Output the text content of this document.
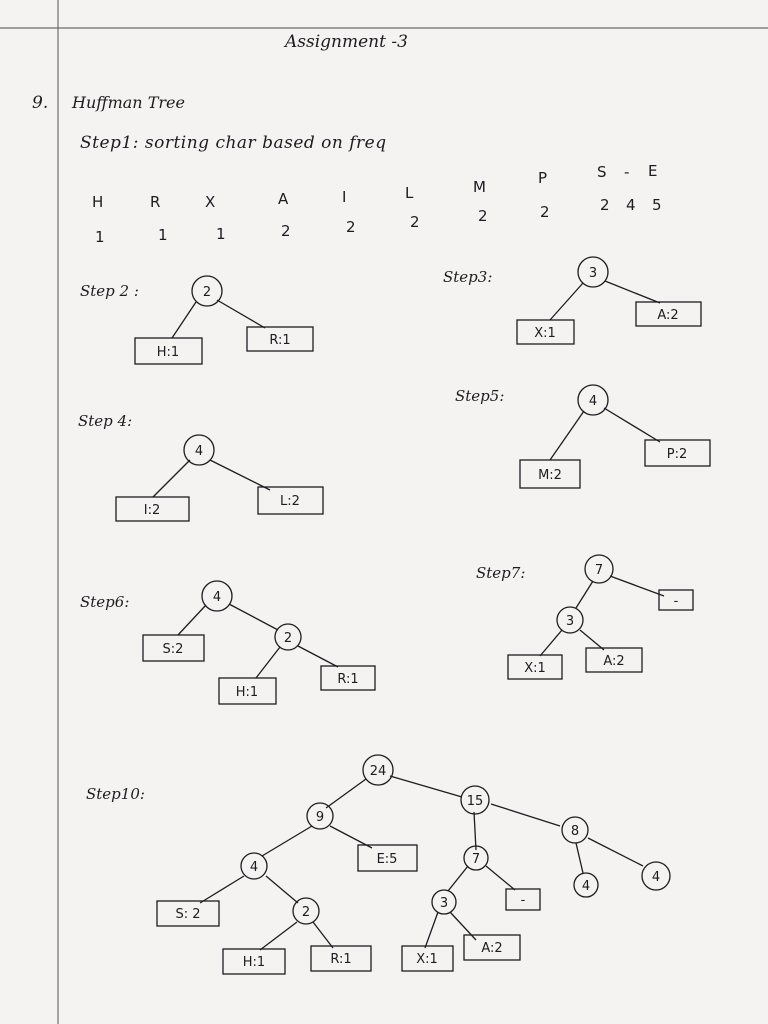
Assignment -3
9. Huffman Tree
Step1: sorting char based on freq
H	R	X	A	I	L	M	P	S - E
1	1	1	2	2	2	2	2	2 4 5
Step 2 :
Step3:
Step 4:
Step5:
Step6:
Step7:
Step10:
2
H:1
R:1
3
X:1
A:2
4
I:2
L:2
4
M:2
P:2
4
S:2
2
H:1
R:1
7
-
3
X:1	A:2
24
9
15
4
E:5	7
8
S: 2	2
3	-
4
4
H:1	R:1	X:1
A:2
